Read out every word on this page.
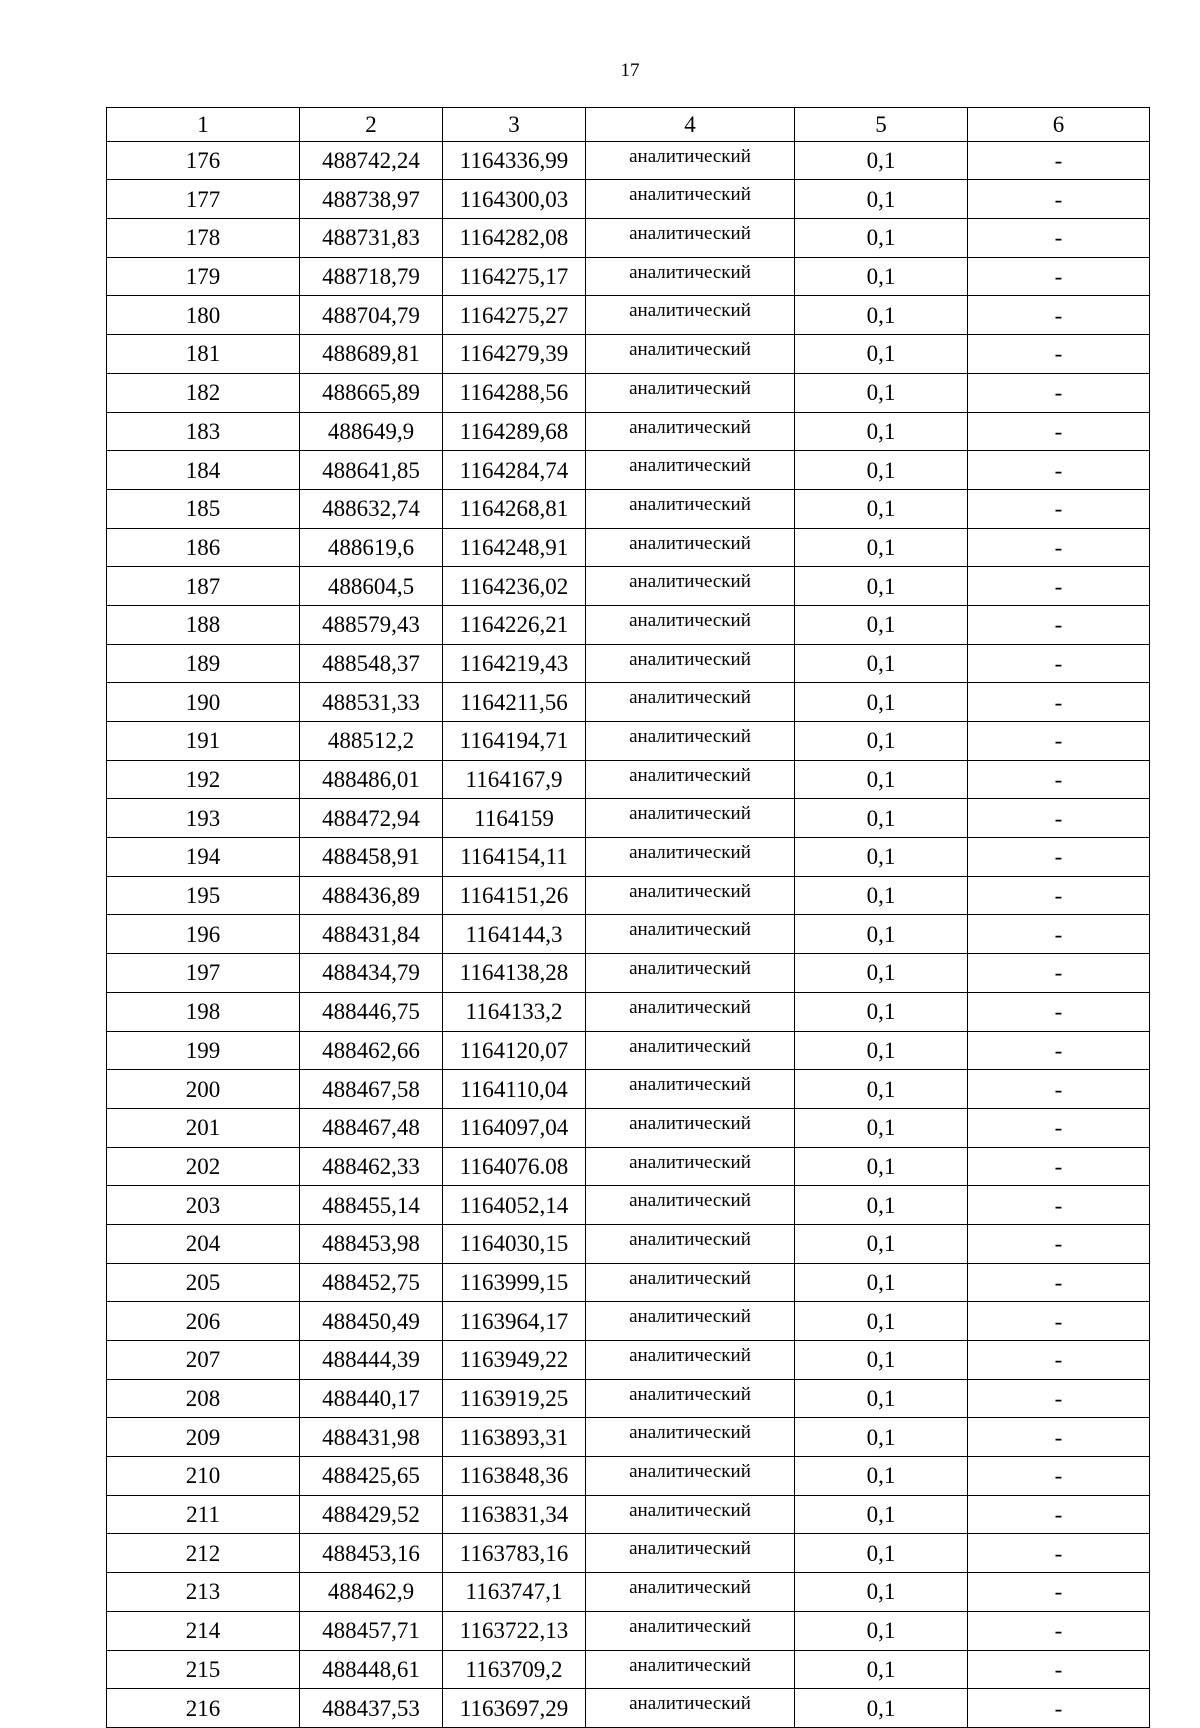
17
1	2	3	4	5	6
176	488742,24	1164336,99	аналитический	0,1	-
177	488738,97	1164300,03	аналитический	0,1	-
178	488731,83	1164282,08	аналитический	0,1	-
179	488718,79	1164275,17	аналитический	0,1	-
180	488704,79	1164275,27	аналитический	0,1	-
181	488689,81	1164279,39	аналитический	0,1	-
182	488665,89	1164288,56	аналитический	0,1	-
183	488649,9	1164289,68	аналитический	0,1	-
184	488641,85	1164284,74	аналитический	0,1	-
185	488632,74	1164268,81	аналитический	0,1	-
186	488619,6	1164248,91	аналитический	0,1	-
187	488604,5	1164236,02	аналитический	0,1	-
188	488579,43	1164226,21	аналитический	0,1	-
189	488548,37	1164219,43	аналитический	0,1	-
190	488531,33	1164211,56	аналитический	0,1	-
191	488512,2	1164194,71	аналитический	0,1	-
192	488486,01	1164167,9	аналитический	0,1	-
193	488472,94	1164159	аналитический	0,1	-
194	488458,91	1164154,11	аналитический	0,1	-
195	488436,89	1164151,26	аналитический	0,1	-
196	488431,84	1164144,3	аналитический	0,1	-
197	488434,79	1164138,28	аналитический	0,1	-
198	488446,75	1164133,2	аналитический	0,1	-
199	488462,66	1164120,07	аналитический	0,1	-
200	488467,58	1164110,04	аналитический	0,1	-
201	488467,48	1164097,04	аналитический	0,1	-
202	488462,33	1164076.08	аналитический	0,1	-
203	488455,14	1164052,14	аналитический	0,1	-
204	488453,98	1164030,15	аналитический	0,1	-
205	488452,75	1163999,15	аналитический	0,1	-
206	488450,49	1163964,17	аналитический	0,1	-
207	488444,39	1163949,22	аналитический	0,1	-
208	488440,17	1163919,25	аналитический	0,1	-
209	488431,98	1163893,31	аналитический	0,1	-
210	488425,65	1163848,36	аналитический	0,1	-
211	488429,52	1163831,34	аналитический	0,1	-
212	488453,16	1163783,16	аналитический	0,1	-
213	488462,9	1163747,1	аналитический	0,1	-
214	488457,71	1163722,13	аналитический	0,1	-
215	488448,61	1163709,2	аналитический	0,1	-
216	488437,53	1163697,29	аналитический	0,1	-
